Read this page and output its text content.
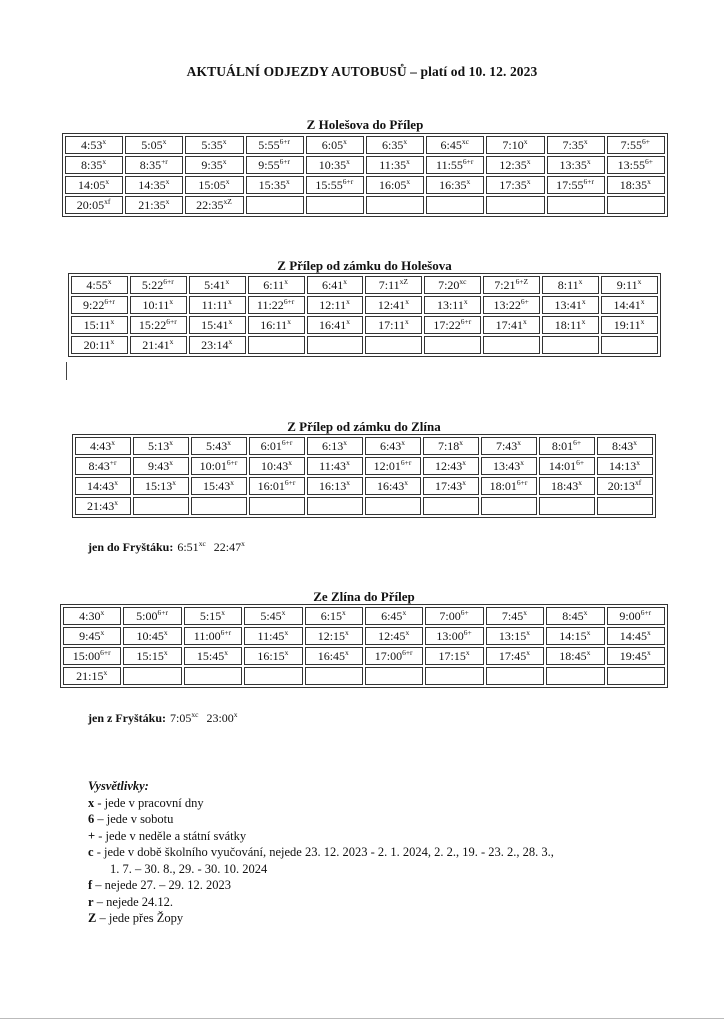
AKTUÁLNÍ ODJEZDY AUTOBUSŮ – platí od 10. 12. 2023
Z Holešova do Přílep
4:53$^x$	5:05$^x$	5:35$^x$	$5:55^{6+r}$	6:05$^x$	6:35$^x$	$6:45^{xc}$	7:10$^x$	7:35$^x$	$7:55^{6+}$
8:35$^x$	$8:35^{+r}$	9:35$^x$	$9:55^{6+r}$	10:35$^x$	11:35$^x$	$11:55^{6+r}$	12:35$^x$	13:35$^x$	$13:55^{6+}$
14:05$^x$	14:35$^x$	15:05$^x$	15:35$^x$	$15:55^{6+r}$	16:05$^x$	16:35$^x$	17:35$^x$	$17:55^{6+r}$	18:35$^x$
$20:05^{xf}$	21:35$^x$	$22:35^{xZ}$							
Z Přílep od zámku do Holešova
4:55$^x$	$5:22^{6+r}$	5:41$^x$	6:11$^x$	6:41$^x$	$7:11^{xZ}$	$7:20^{xc}$	$7:21^{6+Z}$	8:11$^x$	9:11$^x$
$9:22^{6+r}$	10:11$^x$	11:11$^x$	$11:22^{6+r}$	12:11$^x$	12:41$^x$	13:11$^x$	$13:22^{6+}$	13:41$^x$	14:41$^x$
15:11$^x$	$15:22^{6+r}$	15:41$^x$	16:11$^x$	16:41$^x$	17:11$^x$	$17:22^{6+r}$	17:41$^x$	18:11$^x$	19:11$^x$
20:11$^x$	21:41$^x$	23:14$^x$							
Z Přílep od zámku do Zlína
4:43$^x$	5:13$^x$	5:43$^x$	$6:01^{6+r}$	6:13$^x$	6:43$^x$	7:18$^x$	7:43$^x$	$8:01^{6+}$	8:43$^x$
$8:43^{+r}$	9:43$^x$	$10:01^{6+r}$	10:43$^x$	11:43$^x$	$12:01^{6+r}$	12:43$^x$	13:43$^x$	$14:01^{6+}$	14:13$^x$
14:43$^x$	15:13$^x$	15:43$^x$	$16:01^{6+r}$	16:13$^x$	16:43$^x$	17:43$^x$	$18:01^{6+r}$	18:43$^x$	$20:13^{xf}$
21:43$^x$									
jen do Fryštáku: $6:51^{xc}$ 22:47$^x$
Ze Zlína do Přílep
4:30$^x$	$5:00^{6+r}$	5:15$^x$	5:45$^x$	6:15$^x$	6:45$^x$	$7:00^{6+}$	7:45$^x$	8:45$^x$	$9:00^{6+r}$
9:45$^x$	10:45$^x$	$11:00^{6+r}$	11:45$^x$	12:15$^x$	12:45$^x$	$13:00^{6+}$	13:15$^x$	14:15$^x$	14:45$^x$
$15:00^{6+r}$	15:15$^x$	15:45$^x$	16:15$^x$	16:45$^x$	$17:00^{6+r}$	17:15$^x$	17:45$^x$	18:45$^x$	19:45$^x$
21:15$^x$									
jen z Fryštáku: $7:05^{xc}$ 23:00$^x$
Vysvětlivky:
x - jede v pracovní dny
6 – jede v sobotu
+ - jede v neděle a státní svátky
c - jede v době školního vyučování, nejede 23. 12. 2023 - 2. 1. 2024, 2. 2., 19. - 23. 2., 28. 3.,
1. 7. – 30. 8., 29. - 30. 10. 2024
f – nejede 27. – 29. 12. 2023
r – nejede 24.12.
Z – jede přes Žopy
